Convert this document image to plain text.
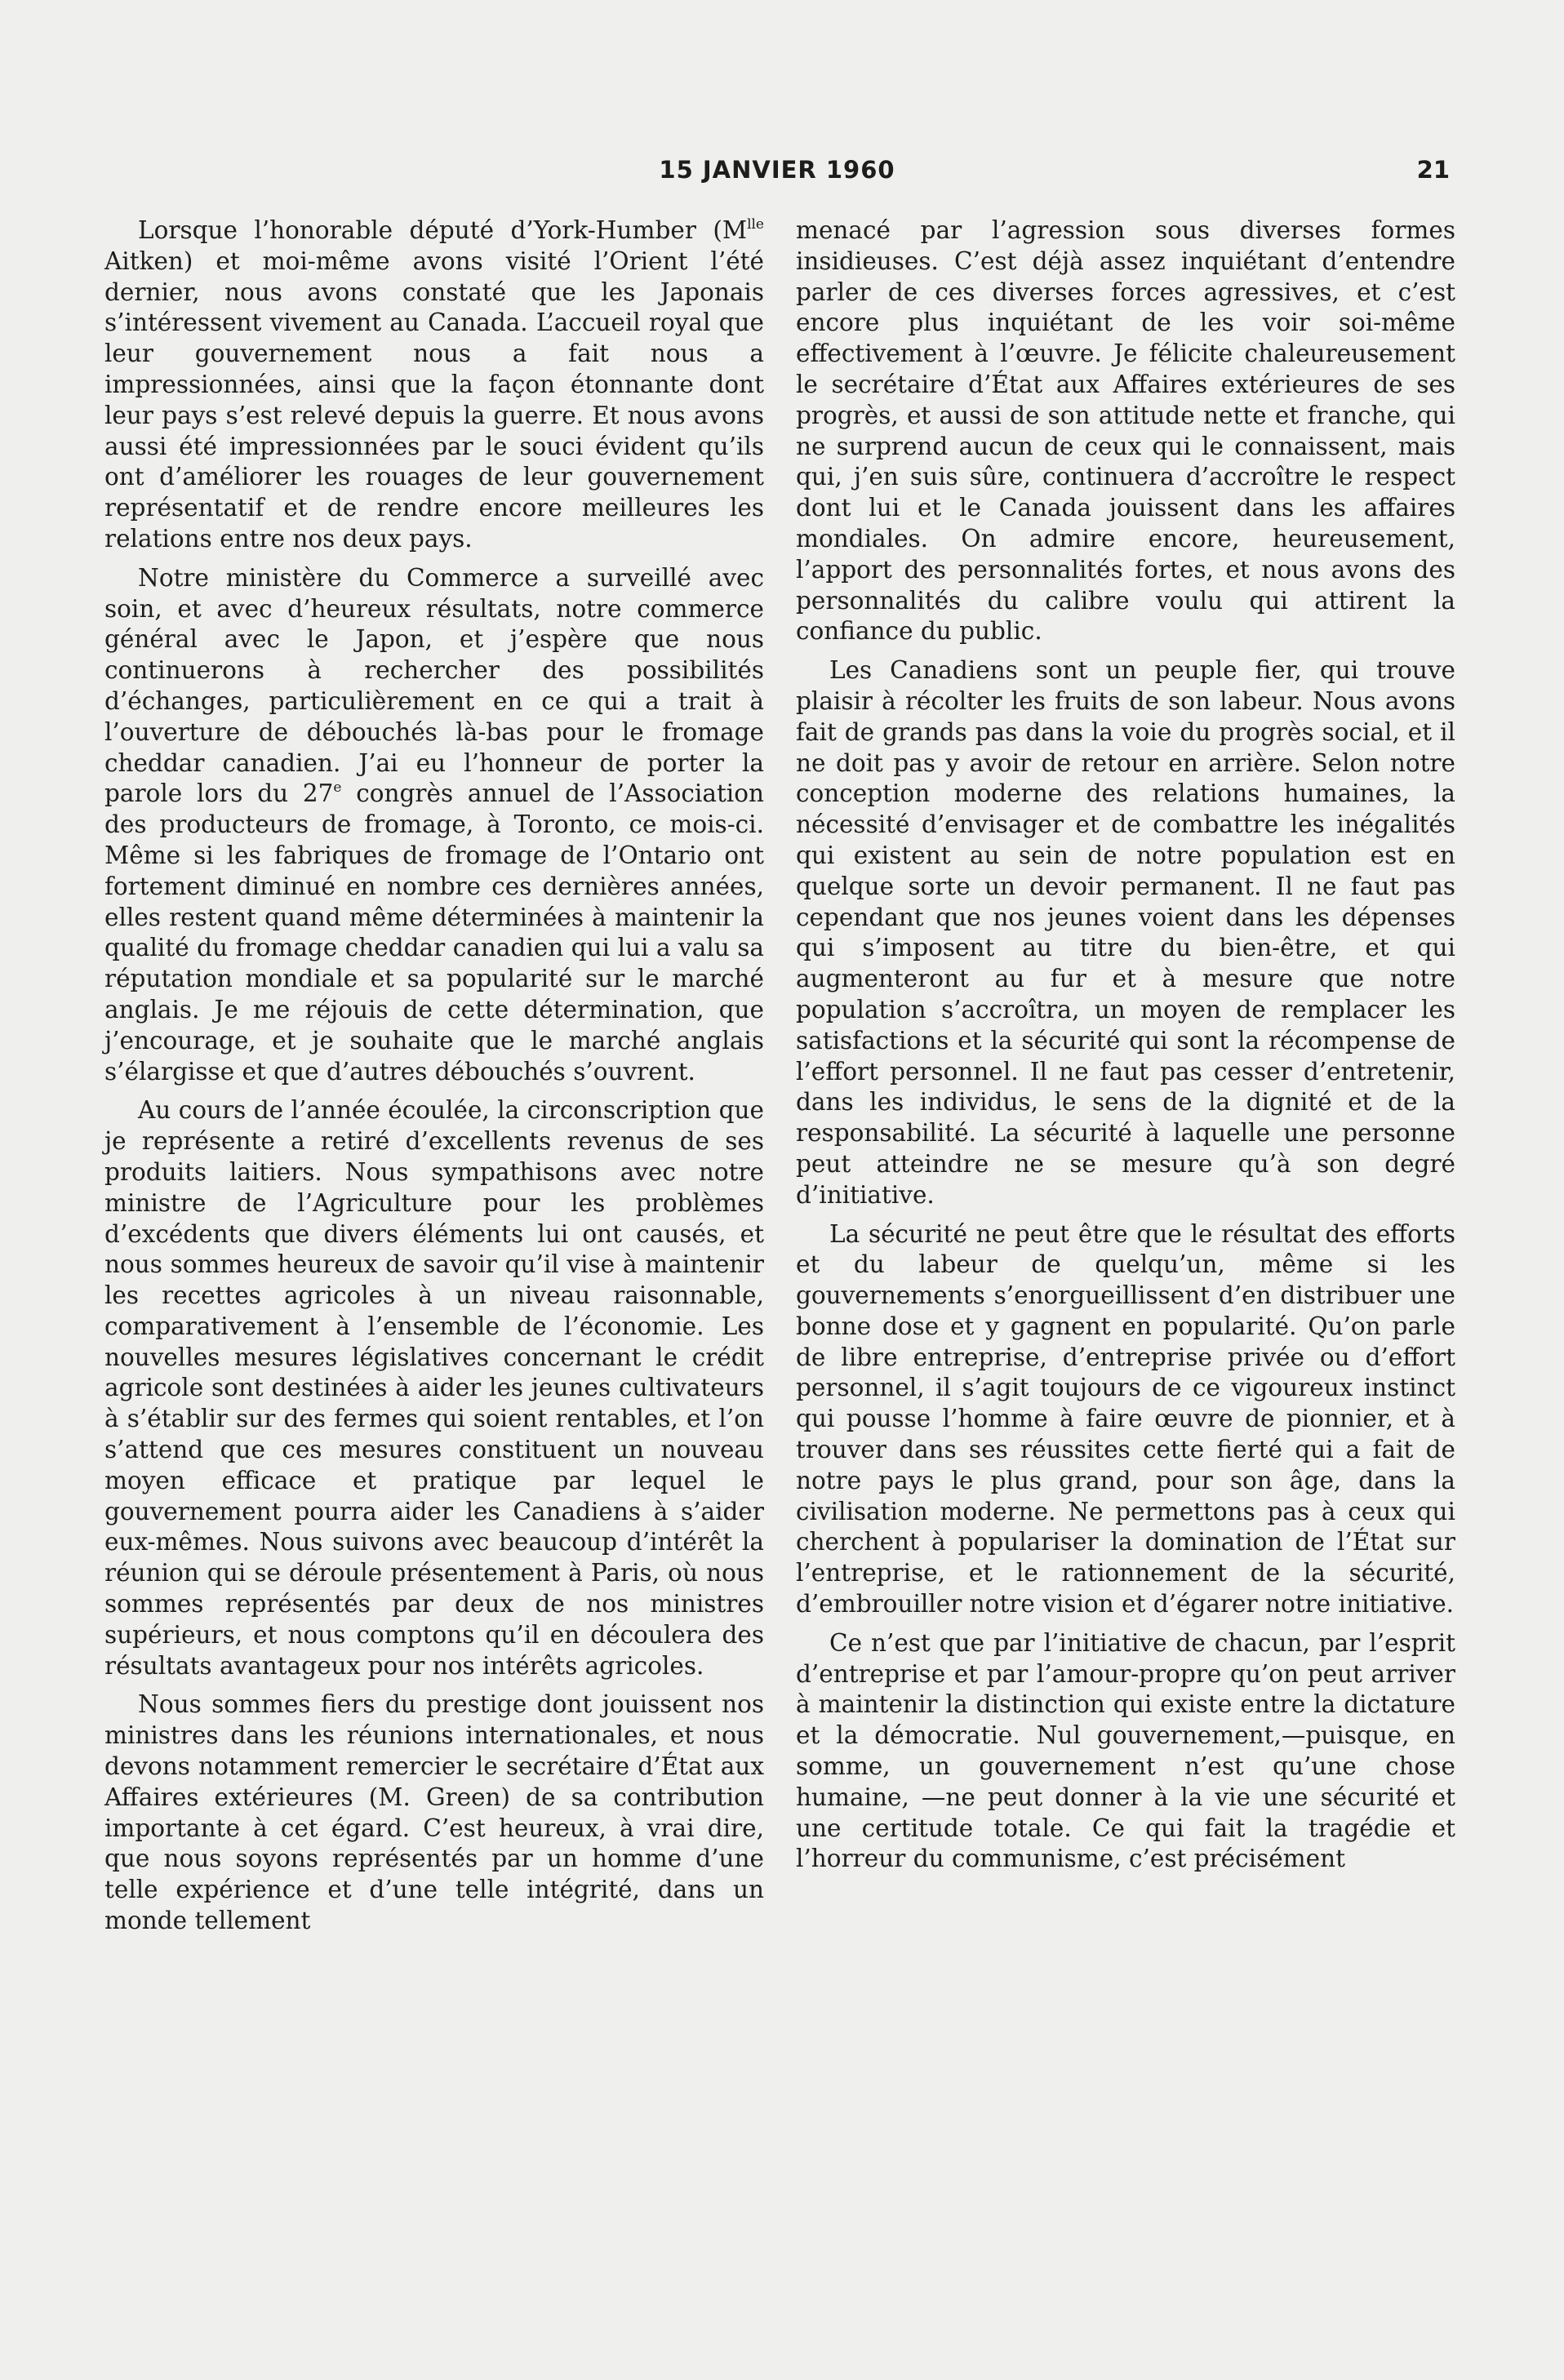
15 JANVIER 1960	21

Lorsque l’honorable député d’York-Humber ($M^{lle}$ Aitken) et moi-même avons visité l’Orient l’été dernier, nous avons constaté que les Japonais s’intéressent vivement au Canada. L’accueil royal que leur gouvernement nous a fait nous a impressionnées, ainsi que la façon étonnante dont leur pays s’est relevé depuis la guerre. Et nous avons aussi été impressionnées par le souci évident qu’ils ont d’améliorer les rouages de leur gouvernement représentatif et de rendre encore meilleures les relations entre nos deux pays.

Notre ministère du Commerce a surveillé avec soin, et avec d’heureux résultats, notre commerce général avec le Japon, et j’espère que nous continuerons à rechercher des possibilités d’échanges, particulièrement en ce qui a trait à l’ouverture de débouchés là-bas pour le fromage cheddar canadien. J’ai eu l’honneur de porter la parole lors du 27e congrès annuel de l’Association des producteurs de fromage, à Toronto, ce mois-ci. Même si les fabriques de fromage de l’Ontario ont fortement diminué en nombre ces dernières années, elles restent quand même déterminées à maintenir la qualité du fromage cheddar canadien qui lui a valu sa réputation mondiale et sa popularité sur le marché anglais. Je me réjouis de cette détermination, que j’encourage, et je souhaite que le marché anglais s’élargisse et que d’autres débouchés s’ouvrent.

Au cours de l’année écoulée, la circonscription que je représente a retiré d’excellents revenus de ses produits laitiers. Nous sympathisons avec notre ministre de l’Agriculture pour les problèmes d’excédents que divers éléments lui ont causés, et nous sommes heureux de savoir qu’il vise à maintenir les recettes agricoles à un niveau raisonnable, comparativement à l’ensemble de l’économie. Les nouvelles mesures législatives concernant le crédit agricole sont destinées à aider les jeunes cultivateurs à s’établir sur des fermes qui soient rentables, et l’on s’attend que ces mesures constituent un nouveau moyen efficace et pratique par lequel le gouvernement pourra aider les Canadiens à s’aider eux-mêmes. Nous suivons avec beaucoup d’intérêt la réunion qui se déroule présentement à Paris, où nous sommes représentés par deux de nos ministres supérieurs, et nous comptons qu’il en découlera des résultats avantageux pour nos intérêts agricoles.

Nous sommes fiers du prestige dont jouissent nos ministres dans les réunions internationales, et nous devons notamment remercier le secrétaire d’État aux Affaires extérieures (M. Green) de sa contribution importante à cet égard. C’est heureux, à vrai dire, que nous soyons représentés par un homme d’une telle expérience et d’une telle intégrité, dans un monde tellement

menacé par l’agression sous diverses formes insidieuses. C’est déjà assez inquiétant d’entendre parler de ces diverses forces agressives, et c’est encore plus inquiétant de les voir soi-même effectivement à l’œuvre. Je félicite chaleureusement le secrétaire d’État aux Affaires extérieures de ses progrès, et aussi de son attitude nette et franche, qui ne surprend aucun de ceux qui le connaissent, mais qui, j’en suis sûre, continuera d’accroître le respect dont lui et le Canada jouissent dans les affaires mondiales. On admire encore, heureusement, l’apport des personnalités fortes, et nous avons des personnalités du calibre voulu qui attirent la confiance du public.

Les Canadiens sont un peuple fier, qui trouve plaisir à récolter les fruits de son labeur. Nous avons fait de grands pas dans la voie du progrès social, et il ne doit pas y avoir de retour en arrière. Selon notre conception moderne des relations humaines, la nécessité d’envisager et de combattre les inégalités qui existent au sein de notre population est en quelque sorte un devoir permanent. Il ne faut pas cependant que nos jeunes voient dans les dépenses qui s’imposent au titre du bien-être, et qui augmenteront au fur et à mesure que notre population s’accroîtra, un moyen de remplacer les satisfactions et la sécurité qui sont la récompense de l’effort personnel. Il ne faut pas cesser d’entretenir, dans les individus, le sens de la dignité et de la responsabilité. La sécurité à laquelle une personne peut atteindre ne se mesure qu’à son degré d’initiative.

La sécurité ne peut être que le résultat des efforts et du labeur de quelqu’un, même si les gouvernements s’enorgueillissent d’en distribuer une bonne dose et y gagnent en popularité. Qu’on parle de libre entreprise, d’entreprise privée ou d’effort personnel, il s’agit toujours de ce vigoureux instinct qui pousse l’homme à faire œuvre de pionnier, et à trouver dans ses réussites cette fierté qui a fait de notre pays le plus grand, pour son âge, dans la civilisation moderne. Ne permettons pas à ceux qui cherchent à populariser la domination de l’État sur l’entreprise, et le rationnement de la sécurité, d’embrouiller notre vision et d’égarer notre initiative.

Ce n’est que par l’initiative de chacun, par l’esprit d’entreprise et par l’amour-propre qu’on peut arriver à maintenir la distinction qui existe entre la dictature et la démocratie. Nul gouvernement,—puisque, en somme, un gouvernement n’est qu’une chose humaine, —ne peut donner à la vie une sécurité et une certitude totale. Ce qui fait la tragédie et l’horreur du communisme, c’est précisément
